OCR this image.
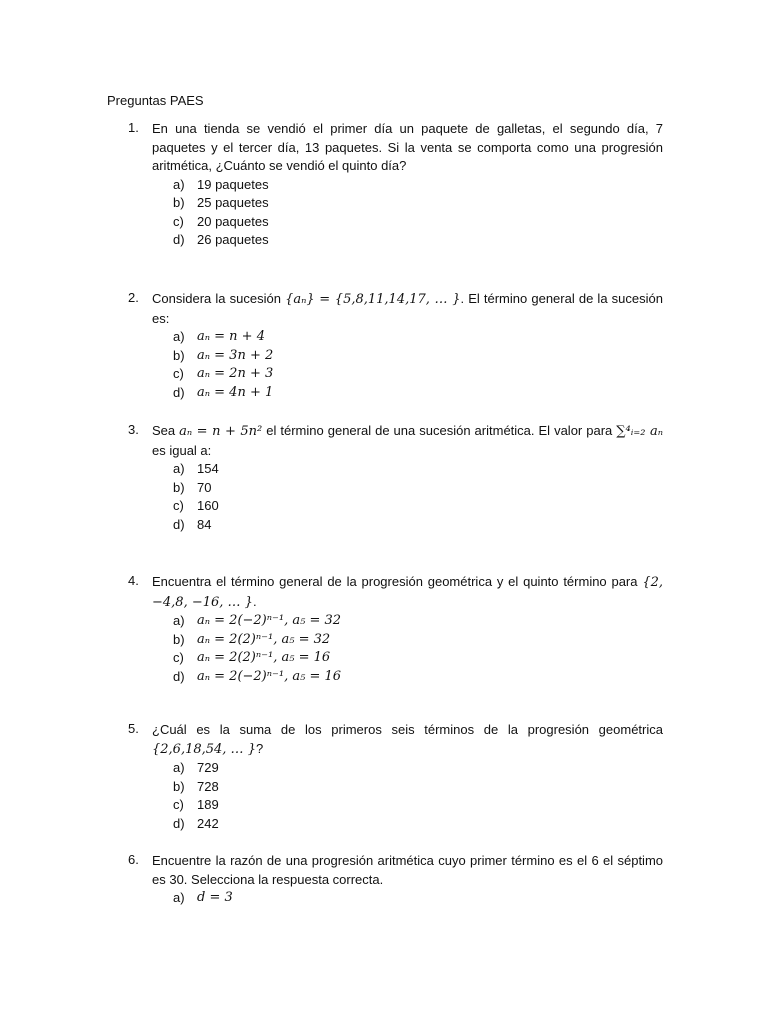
Preguntas PAES
1.	En una tienda se vendió el primer día un paquete de galletas, el segundo día, 7 paquetes y el tercer día, 13 paquetes. Si la venta se comporta como una progresión aritmética, ¿Cuánto se vendió el quinto día?
a) 19 paquetes
b) 25 paquetes
c)	20 paquetes
d) 26 paquetes
2.	Considera la sucesión {aₙ} = {5,8,11,14,17, … }. El término general de la sucesión es:
a) aₙ = n + 4
b) aₙ = 3n + 2
c)	aₙ = 2n + 3
d) aₙ = 4n + 1
3.	Sea aₙ = n + 5n² el término general de una sucesión aritmética. El valor para ∑⁴ᵢ₌₂ aₙ es igual a:
a) 154
b) 70
c)	160
d) 84
4.	Encuentra el término general de la progresión geométrica y el quinto término para {2, −4,8, −16, … }.
a) aₙ = 2(−2)ⁿ⁻¹, a₅ = 32
b) aₙ = 2(2)ⁿ⁻¹, a₅ = 32
c)	aₙ = 2(2)ⁿ⁻¹, a₅ = 16
d) aₙ = 2(−2)ⁿ⁻¹, a₅ = 16
5.	¿Cuál es la suma de los primeros seis términos de la progresión geométrica {2,6,18,54, … }?
a) 729
b) 728
c)	189
d) 242
6.	Encuentre la razón de una progresión aritmética cuyo primer término es el 6 el séptimo es 30. Selecciona la respuesta correcta.
a) d = 3
